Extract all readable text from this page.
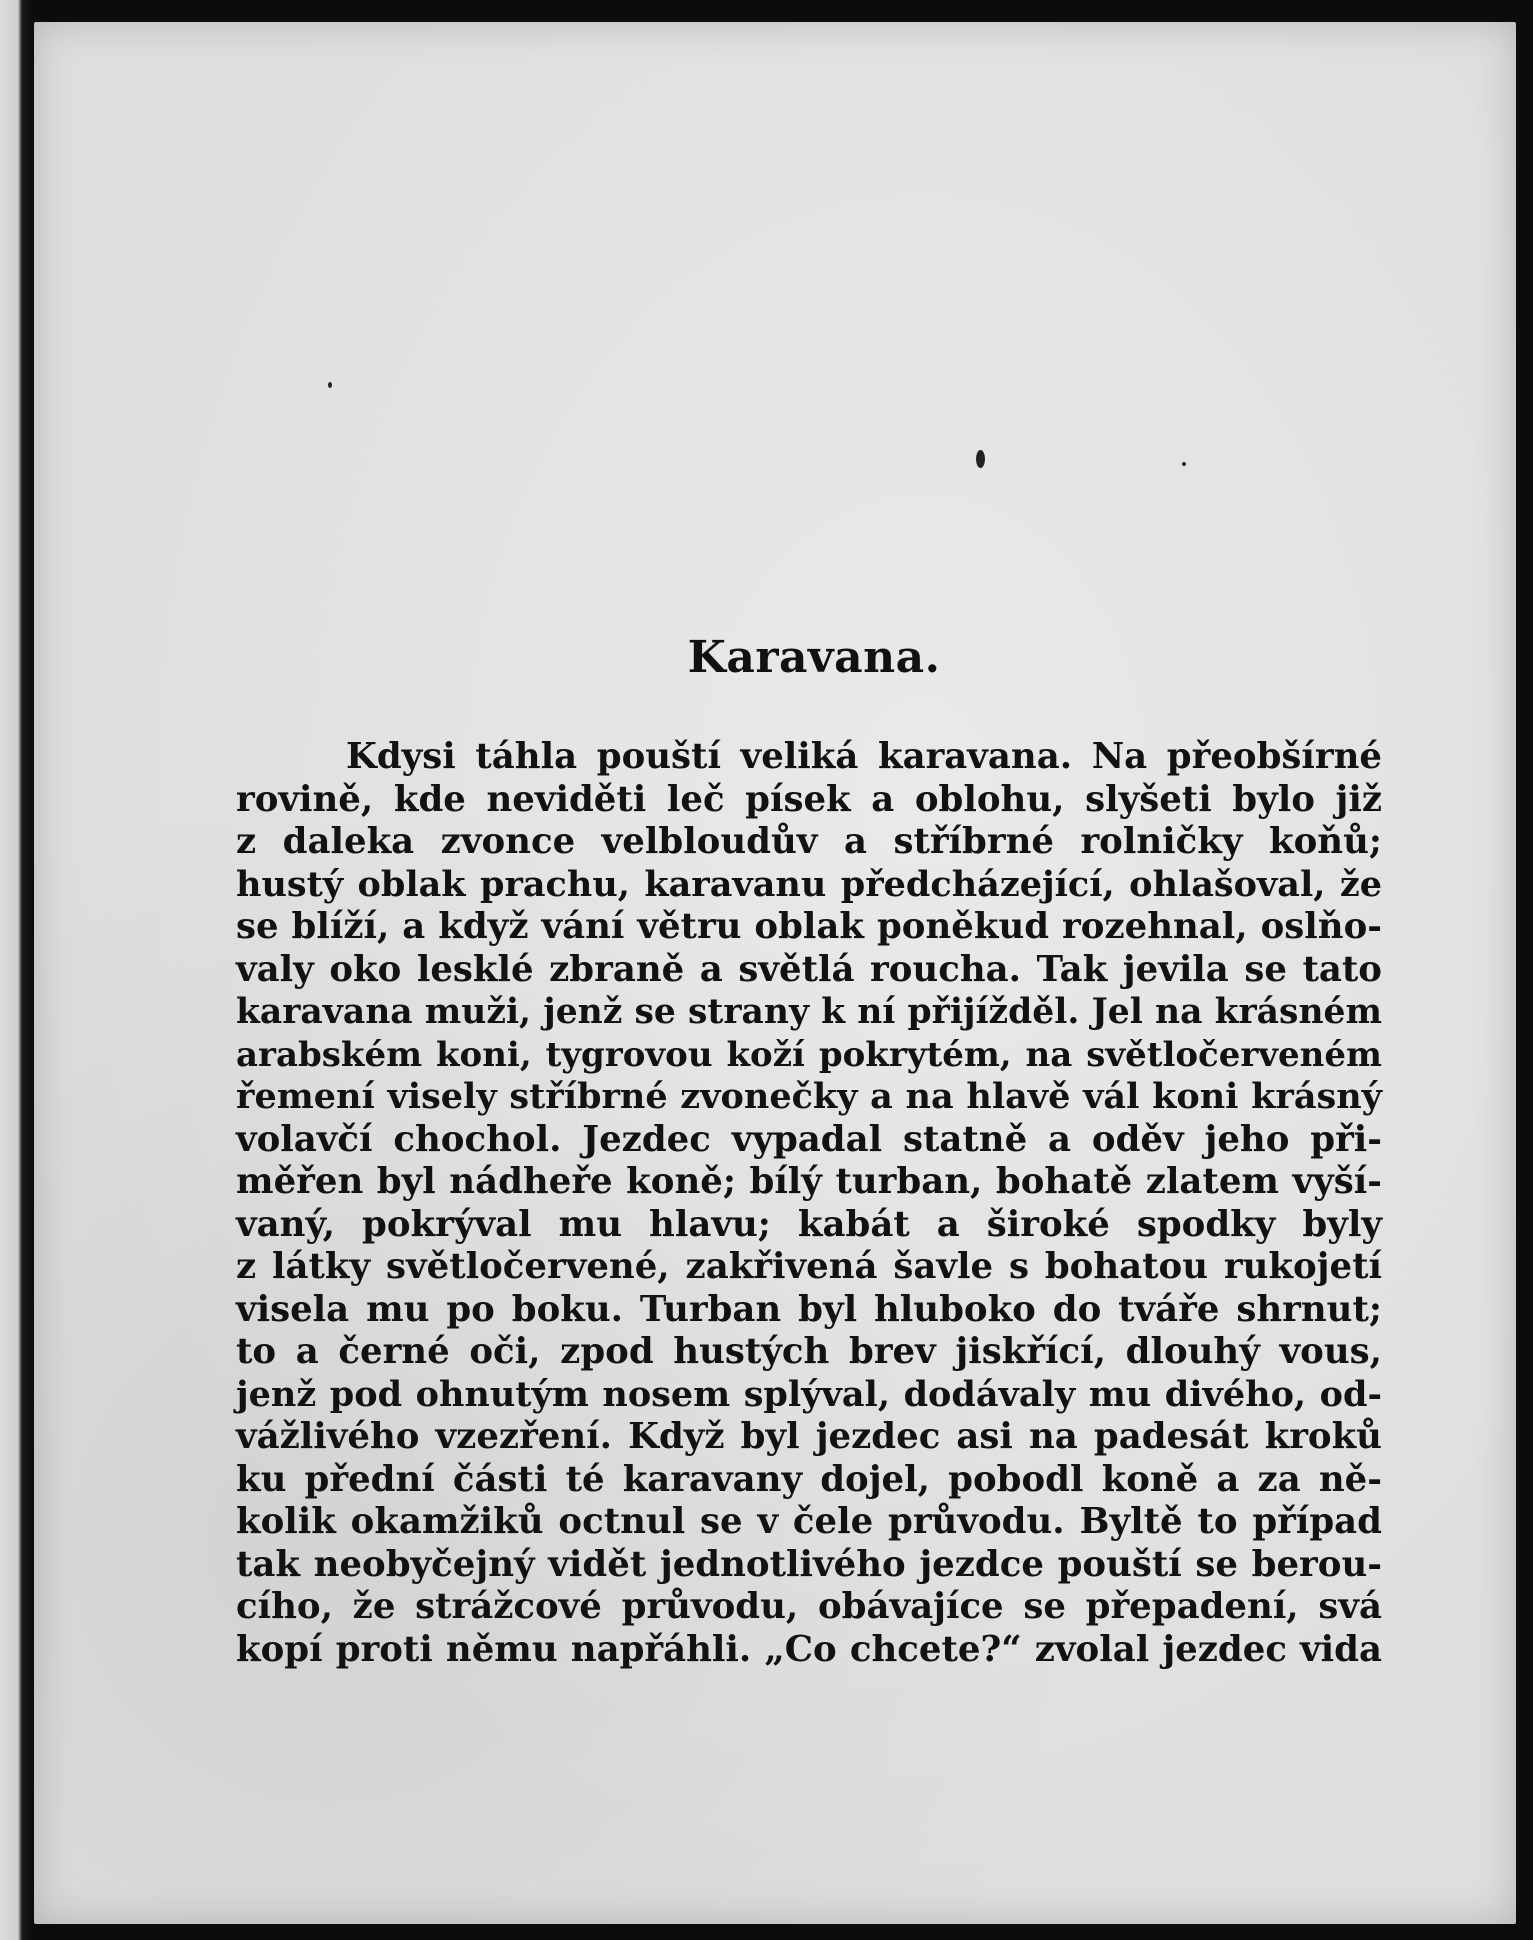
Karavana.
Kdysi táhla pouští veliká karavana. Na přeobšírné
rovině, kde neviděti leč písek a oblohu, slyšeti bylo již
z daleka zvonce velbloudův a stříbrné rolničky koňů;
hustý oblak prachu, karavanu předcházející, ohlašoval, že
se blíží, a když vání větru oblak poněkud rozehnal, oslňo-
valy oko lesklé zbraně a světlá roucha. Tak jevila se tato
karavana muži, jenž se strany k ní přijížděl. Jel na krásném
arabském koni, tygrovou koží pokrytém, na světločerveném
řemení visely stříbrné zvonečky a na hlavě vál koni krásný
volavčí chochol. Jezdec vypadal statně a oděv jeho při-
měřen byl nádheře koně; bílý turban, bohatě zlatem vyší-
vaný, pokrýval mu hlavu; kabát a široké spodky byly
z látky světločervené, zakřivená šavle s bohatou rukojetí
visela mu po boku. Turban byl hluboko do tváře shrnut;
to a černé oči, zpod hustých brev jiskřící, dlouhý vous,
jenž pod ohnutým nosem splýval, dodávaly mu divého, od-
vážlivého vzezření. Když byl jezdec asi na padesát kroků
ku přední části té karavany dojel, pobodl koně a za ně-
kolik okamžiků octnul se v čele průvodu. Byltě to případ
tak neobyčejný vidět jednotlivého jezdce pouští se berou-
cího, že strážcové průvodu, obávajíce se přepadení, svá
kopí proti němu napřáhli. „Co chcete?“ zvolal jezdec vida
